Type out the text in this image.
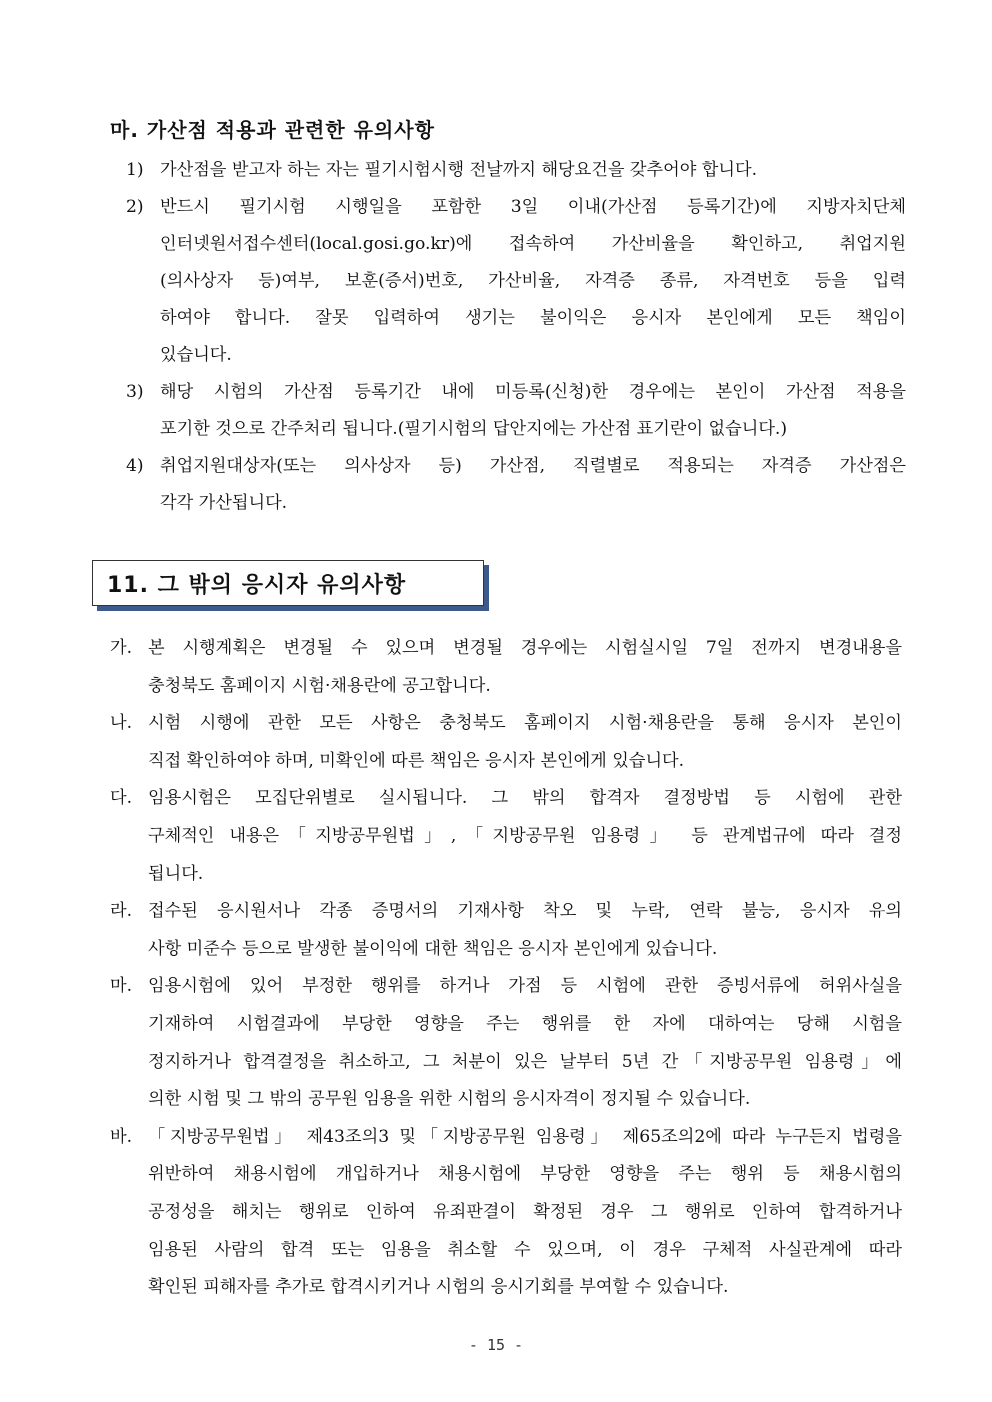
마. 가산점 적용과 관련한 유의사항
1) 가산점을 받고자 하는 자는 필기시험시행 전날까지 해당요건을 갖추어야 합니다.
2) 반드시 필기시험 시행일을 포함한 3일 이내(가산점 등록기간)에 지방자치단체
인터넷원서접수센터(local.gosi.go.kr)에 접속하여 가산비율을 확인하고, 취업지원
(의사상자 등)여부, 보훈(증서)번호, 가산비율, 자격증 종류, 자격번호 등을 입력
하여야 합니다. 잘못 입력하여 생기는 불이익은 응시자 본인에게 모든 책임이
있습니다.
3) 해당 시험의 가산점 등록기간 내에 미등록(신청)한 경우에는 본인이 가산점 적용을
포기한 것으로 간주처리 됩니다.(필기시험의 답안지에는 가산점 표기란이 없습니다.)
4) 취업지원대상자(또는 의사상자 등) 가산점, 직렬별로 적용되는 자격증 가산점은
각각 가산됩니다.
11. 그 밖의 응시자 유의사항
가. 본 시행계획은 변경될 수 있으며 변경될 경우에는 시험실시일 7일 전까지 변경내용을
충청북도 홈페이지 시험·채용란에 공고합니다.
나. 시험 시행에 관한 모든 사항은 충청북도 홈페이지 시험·채용란을 통해 응시자 본인이
직접 확인하여야 하며, 미확인에 따른 책임은 응시자 본인에게 있습니다.
다. 임용시험은 모집단위별로 실시됩니다. 그 밖의 합격자 결정방법 등 시험에 관한
구체적인 내용은「지방공무원법」,「지방공무원 임용령」 등 관계법규에 따라 결정
됩니다.
라. 접수된 응시원서나 각종 증명서의 기재사항 착오 및 누락, 연락 불능, 응시자 유의
사항 미준수 등으로 발생한 불이익에 대한 책임은 응시자 본인에게 있습니다.
마. 임용시험에 있어 부정한 행위를 하거나 가점 등 시험에 관한 증빙서류에 허위사실을
기재하여 시험결과에 부당한 영향을 주는 행위를 한 자에 대하여는 당해 시험을
정지하거나 합격결정을 취소하고, 그 처분이 있은 날부터 5년 간「지방공무원 임용령」에
의한 시험 및 그 밖의 공무원 임용을 위한 시험의 응시자격이 정지될 수 있습니다.
바. 「지방공무원법」 제43조의3 및「지방공무원 임용령」 제65조의2에 따라 누구든지 법령을
위반하여 채용시험에 개입하거나 채용시험에 부당한 영향을 주는 행위 등 채용시험의
공정성을 해치는 행위로 인하여 유죄판결이 확정된 경우 그 행위로 인하여 합격하거나
임용된 사람의 합격 또는 임용을 취소할 수 있으며, 이 경우 구체적 사실관계에 따라
확인된 피해자를 추가로 합격시키거나 시험의 응시기회를 부여할 수 있습니다.
- 15 -
